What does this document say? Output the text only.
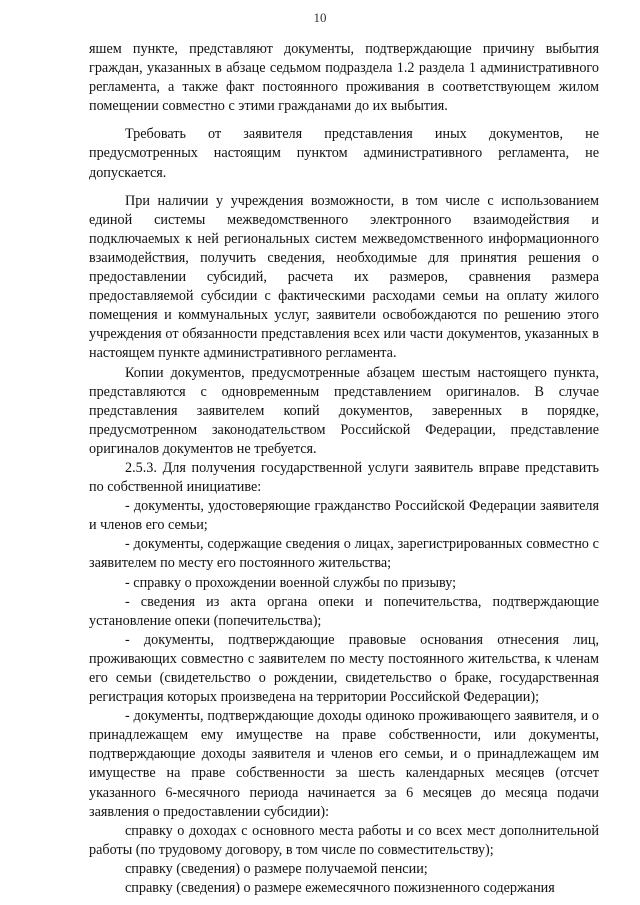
10

яшем пункте, представляют документы, подтверждающие причину выбытия граждан, указанных в абзаце седьмом подраздела 1.2 раздела 1 административного регламента, а также факт постоянного проживания в соответствующем жилом помещении совместно с этими гражданами до их выбытия.

Требовать от заявителя представления иных документов, не предусмотренных настоящим пунктом административного регламента, не допускается.

При наличии у учреждения возможности, в том числе с использованием единой системы межведомственного электронного взаимодействия и подключаемых к ней региональных систем межведомственного информационного взаимодействия, получить сведения, необходимые для принятия решения о предоставлении субсидий, расчета их размеров, сравнения размера предоставляемой субсидии с фактическими расходами семьи на оплату жилого помещения и коммунальных услуг, заявители освобождаются по решению этого учреждения от обязанности представления всех или части документов, указанных в настоящем пункте административного регламента.

Копии документов, предусмотренные абзацем шестым настоящего пункта, представляются с одновременным представлением оригиналов. В случае представления заявителем копий документов, заверенных в порядке, предусмотренном законодательством Российской Федерации, представление оригиналов документов не требуется.

2.5.3. Для получения государственной услуги заявитель вправе представить по собственной инициативе:

- документы, удостоверяющие гражданство Российской Федерации заявителя и членов его семьи;

- документы, содержащие сведения о лицах, зарегистрированных совместно с заявителем по месту его постоянного жительства;

- справку о прохождении военной службы по призыву;

- сведения из акта органа опеки и попечительства, подтверждающие установление опеки (попечительства);

- документы, подтверждающие правовые основания отнесения лиц, проживающих совместно с заявителем по месту постоянного жительства, к членам его семьи (свидетельство о рождении, свидетельство о браке, государственная регистрация которых произведена на территории Российской Федерации);

- документы, подтверждающие доходы одиноко проживающего заявителя, и о принадлежащем ему имуществе на праве собственности, или документы, подтверждающие доходы заявителя и членов его семьи, и о принадлежащем им имуществе на праве собственности за шесть календарных месяцев (отсчет указанного 6-месячного периода начинается за 6 месяцев до месяца подачи заявления о предоставлении субсидии):

справку о доходах с основного места работы и со всех мест дополнительной работы (по трудовому договору, в том числе по совместительству);

справку (сведения) о размере получаемой пенсии;

справку (сведения) о размере ежемесячного пожизненного содержания
